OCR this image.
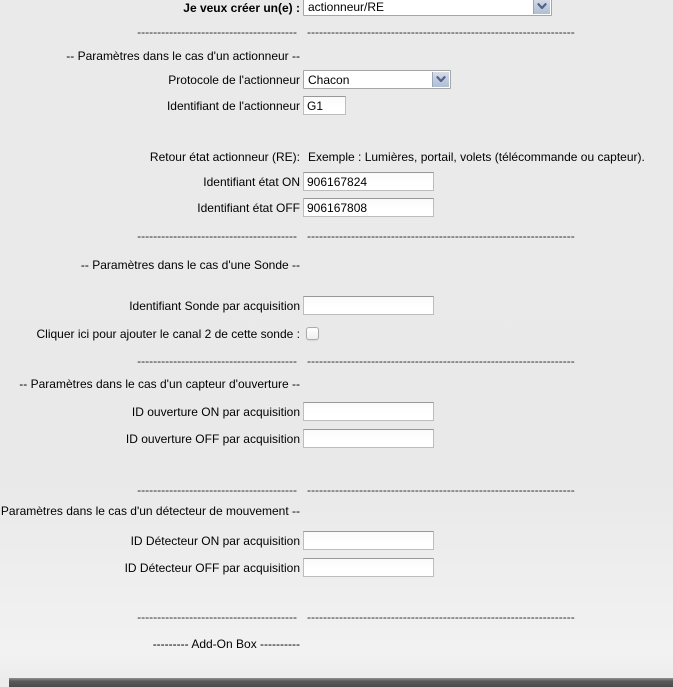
Je veux créer un(e) : actionneur/RE
---------------------------------------- -------------------------------------------------------------------
-- Paramètres dans le cas d'un actionneur --
Protocole de l'actionneur Chacon
Identifiant de l'actionneur
G1
Retour état actionneur (RE): Exemple : Lumières, portail, volets (télécommande ou capteur).
Identifiant état ON
906167824
Identifiant état OFF
906167808
---------------------------------------- -------------------------------------------------------------------
-- Paramètres dans le cas d'une Sonde --
Identifiant Sonde par acquisition
Cliquer ici pour ajouter le canal 2 de cette sonde :
---------------------------------------- -------------------------------------------------------------------
-- Paramètres dans le cas d'un capteur d'ouverture --
ID ouverture ON par acquisition
ID ouverture OFF par acquisition
---------------------------------------- -------------------------------------------------------------------
Paramètres dans le cas d'un détecteur de mouvement --
ID Détecteur ON par acquisition
ID Détecteur OFF par acquisition
---------------------------------------- -------------------------------------------------------------------
--------- Add-On Box ----------
